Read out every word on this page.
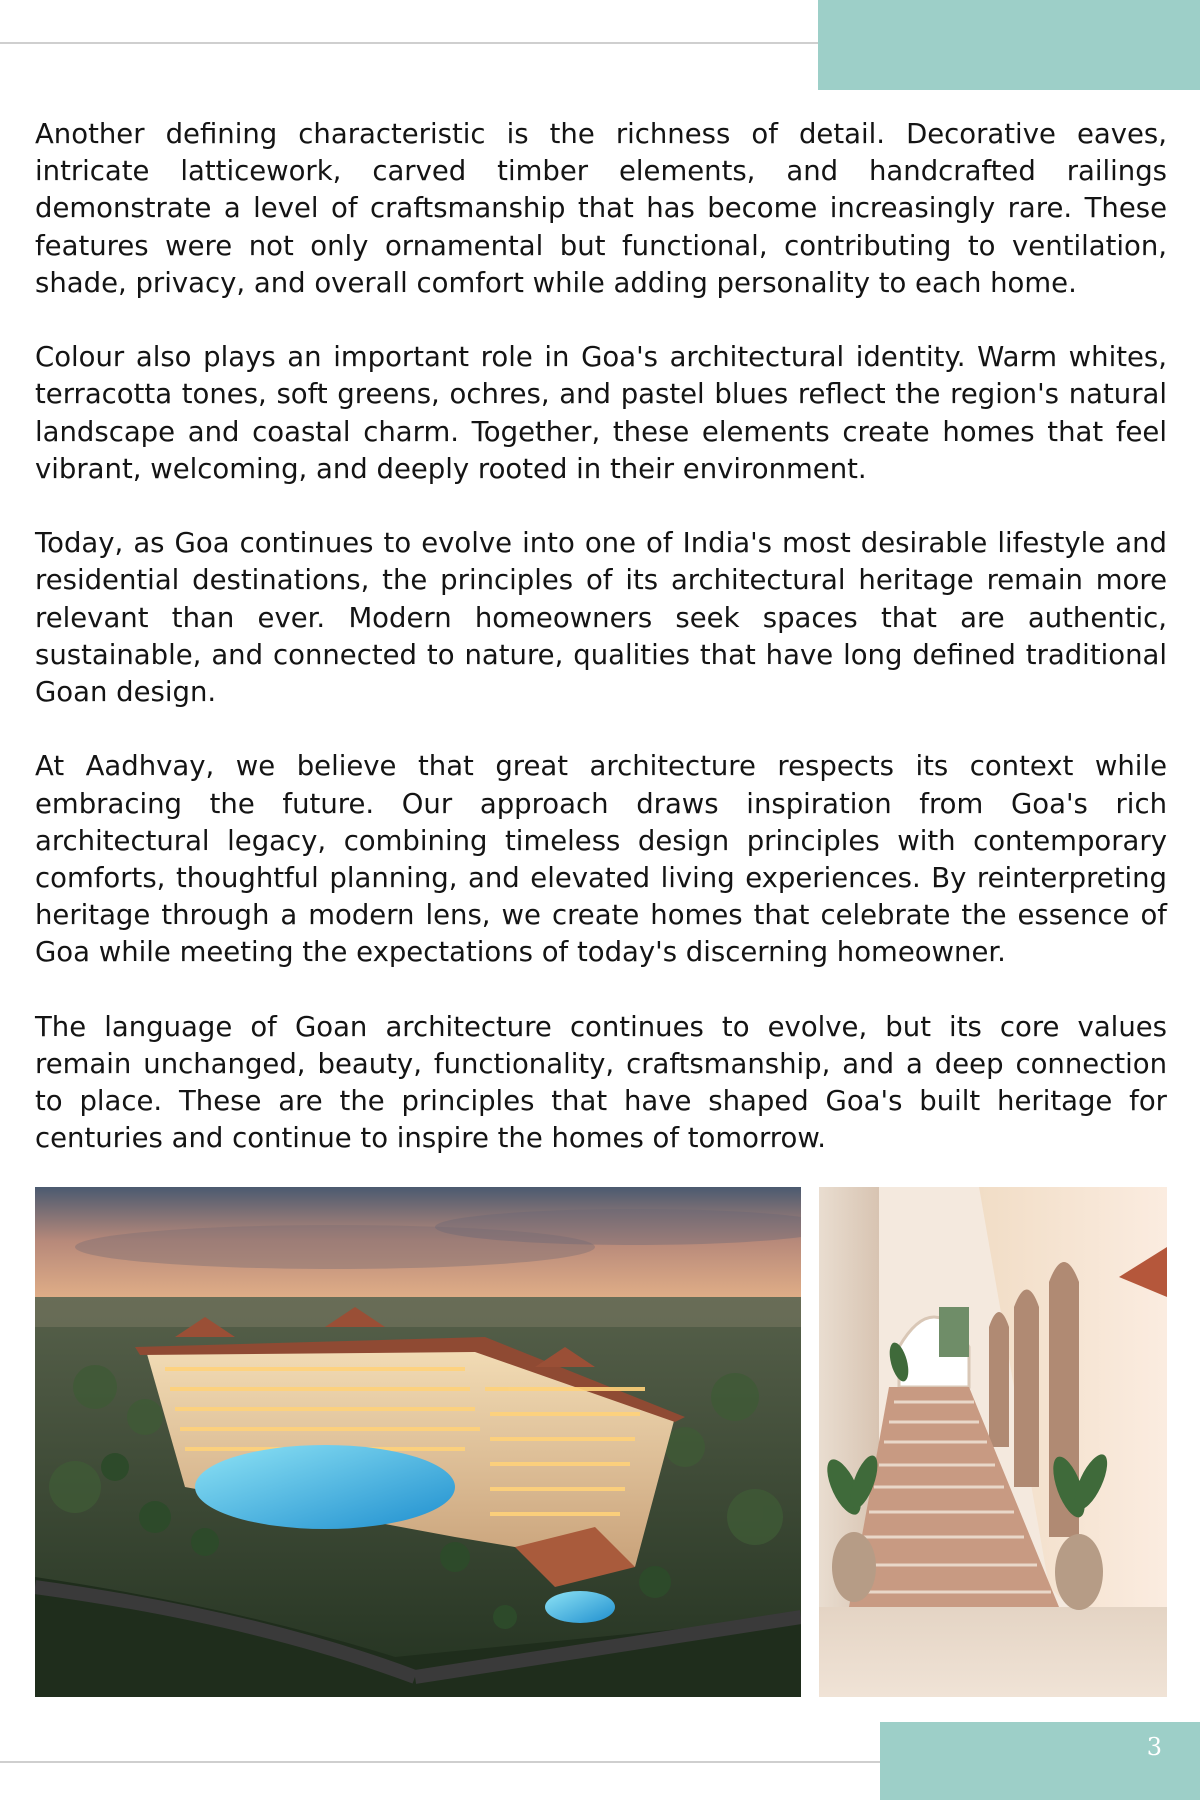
Another defining characteristic is the richness of detail. Decorative eaves, intricate latticework, carved timber elements, and handcrafted railings demonstrate a level of craftsmanship that has become increasingly rare. These features were not only ornamental but functional, contributing to ventilation, shade, privacy, and overall comfort while adding personality to each home.

Colour also plays an important role in Goa's architectural identity. Warm whites, terracotta tones, soft greens, ochres, and pastel blues reflect the region's natural landscape and coastal charm. Together, these elements create homes that feel vibrant, welcoming, and deeply rooted in their environment.

Today, as Goa continues to evolve into one of India's most desirable lifestyle and residential destinations, the principles of its architectural heritage remain more relevant than ever. Modern homeowners seek spaces that are authentic, sustainable, and connected to nature, qualities that have long defined traditional Goan design.

At Aadhvay, we believe that great architecture respects its context while embracing the future. Our approach draws inspiration from Goa's rich architectural legacy, combining timeless design principles with contemporary comforts, thoughtful planning, and elevated living experiences. By reinterpreting heritage through a modern lens, we create homes that celebrate the essence of Goa while meeting the expectations of today's discerning homeowner.

The language of Goan architecture continues to evolve, but its core values remain unchanged, beauty, functionality, craftsmanship, and a deep connection to place. These are the principles that have shaped Goa's built heritage for centuries and continue to inspire the homes of tomorrow.

3
